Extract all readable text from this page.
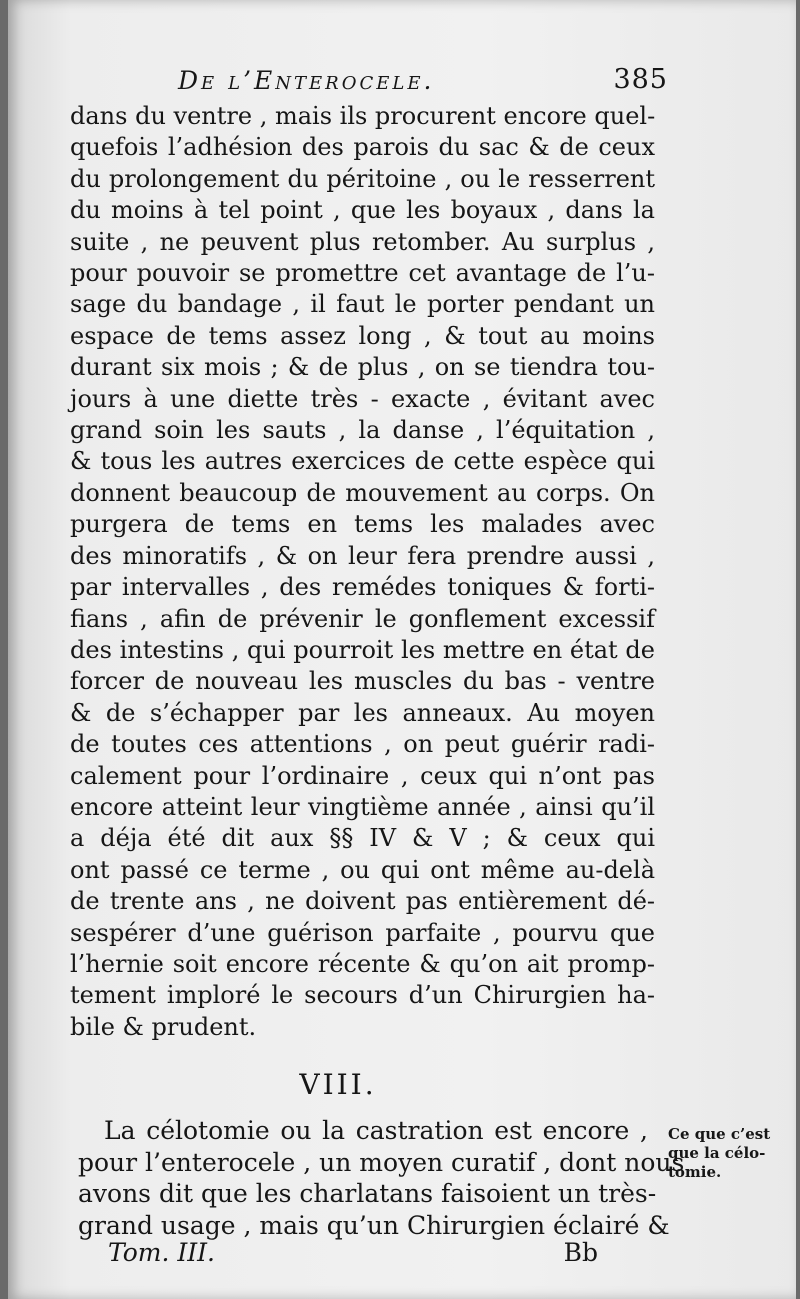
De l’Enterocele.	385
dans du ventre , mais ils procurent encore quel-
quefois l’adhésion des parois du sac & de ceux
du prolongement du péritoine , ou le resserrent
du moins à tel point , que les boyaux , dans la
suite , ne peuvent plus retomber. Au surplus ,
pour pouvoir se promettre cet avantage de l’u-
sage du bandage , il faut le porter pendant un
espace de tems assez long , & tout au moins
durant six mois ; & de plus , on se tiendra tou-
jours à une diette très - exacte , évitant avec
grand soin les sauts , la danse , l’équitation ,
& tous les autres exercices de cette espèce qui
donnent beaucoup de mouvement au corps. On
purgera de tems en tems les malades avec
des minoratifs , & on leur fera prendre aussi ,
par intervalles , des remédes toniques & forti-
fians , afin de prévenir le gonflement excessif
des intestins , qui pourroit les mettre en état de
forcer de nouveau les muscles du bas - ventre
& de s’échapper par les anneaux. Au moyen
de toutes ces attentions , on peut guérir radi-
calement pour l’ordinaire , ceux qui n’ont pas
encore atteint leur vingtième année , ainsi qu’il
a déja été dit aux §§ IV & V ; & ceux qui
ont passé ce terme , ou qui ont même au-delà
de trente ans , ne doivent pas entièrement dé-
sespérer d’une guérison parfaite , pourvu que
l’hernie soit encore récente & qu’on ait promp-
tement imploré le secours d’un Chirurgien ha-
bile & prudent.
VIII.
La célotomie ou la castration est encore ,
pour l’enterocele , un moyen curatif , dont nous
avons dit que les charlatans faisoient un très-
grand usage , mais qu’un Chirurgien éclairé &
Ce que c’est
que la célo-
tomie.
Tom. III.	Bb
